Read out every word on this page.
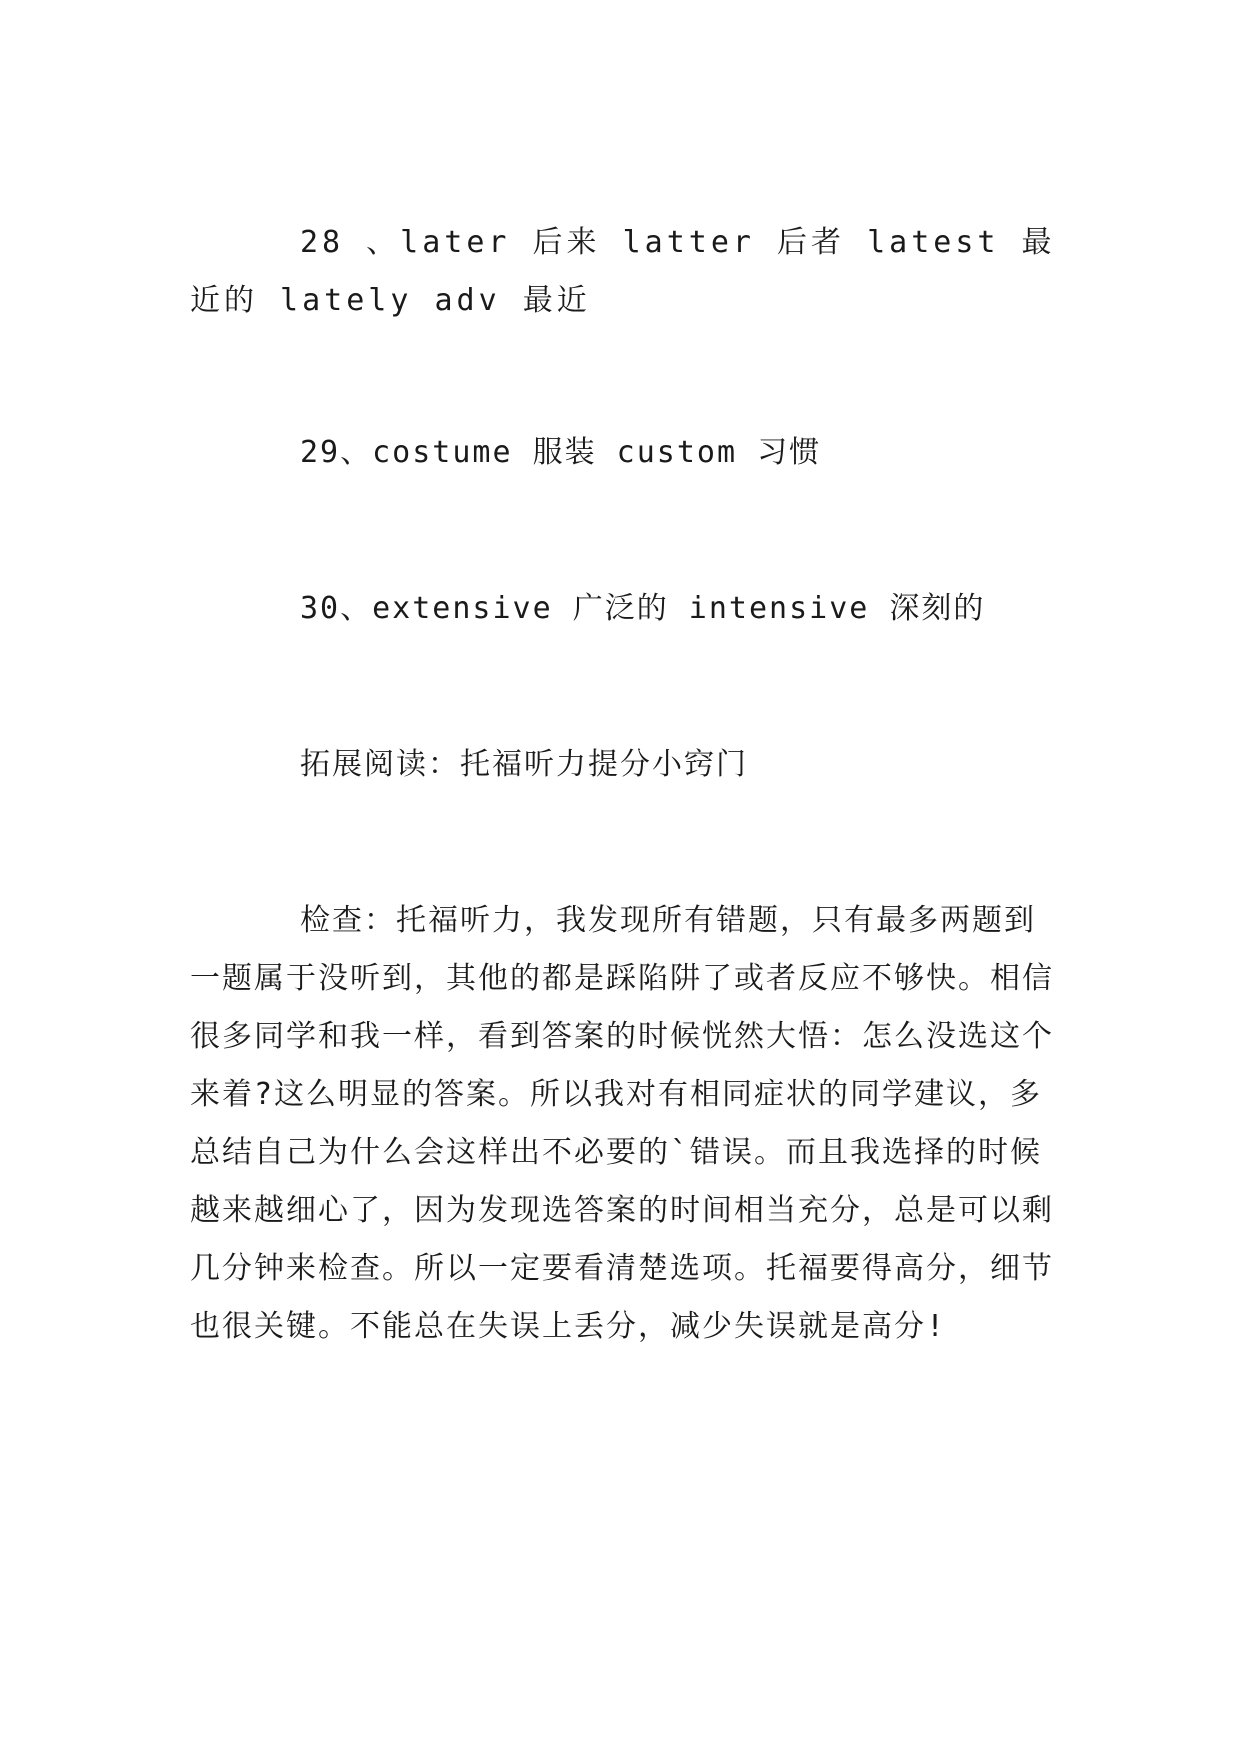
28 、later 后来 latter 后者 latest 最近的 lately adv 最近

29、costume 服装 custom 习惯

30、extensive 广泛的 intensive 深刻的

拓展阅读：托福听力提分小窍门

检查：托福听力，我发现所有错题，只有最多两题到一题属于没听到，其他的都是踩陷阱了或者反应不够快。相信很多同学和我一样，看到答案的时候恍然大悟：怎么没选这个来着?这么明显的答案。所以我对有相同症状的同学建议，多总结自己为什么会这样出不必要的`错误。而且我选择的时候越来越细心了，因为发现选答案的时间相当充分，总是可以剩几分钟来检查。所以一定要看清楚选项。托福要得高分，细节也很关键。不能总在失误上丢分，减少失误就是高分!
